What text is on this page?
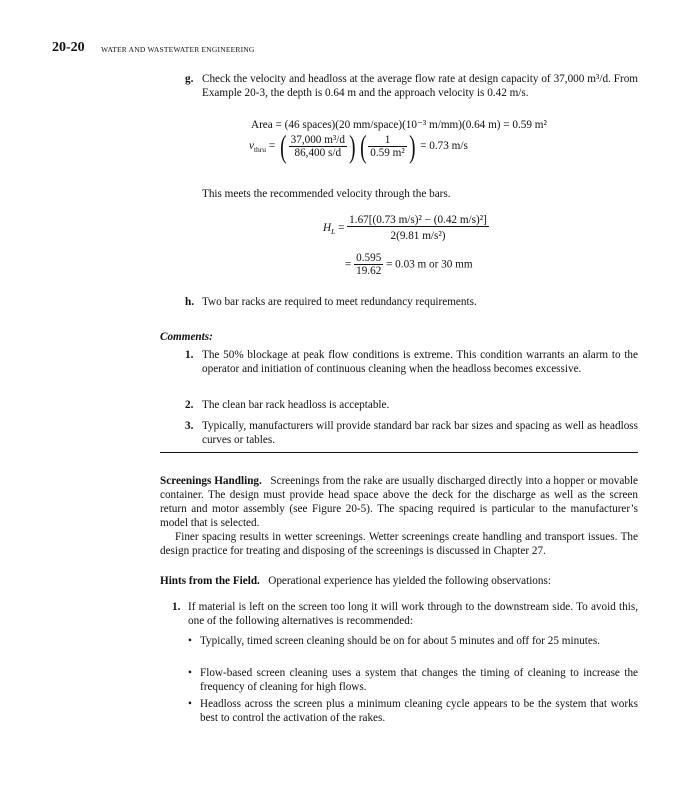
20-20 WATER AND WASTEWATER ENGINEERING
g. Check the velocity and headloss at the average flow rate at design capacity of 37,000 m³/d. From Example 20-3, the depth is 0.64 m and the approach velocity is 0.42 m/s.
Area = (46 spaces)(20 mm/space)(10⁻³ m/mm)(0.64 m) = 0.59 m²
$v_{thru}$ = ( $\frac{\text{37,000 m³/d}}{86,400 s/d}$ ) ( $\frac{1}{\text{0.59 m²}}$ ) = 0.73 m/s
This meets the recommended velocity through the bars.
$H_L = \frac{\text{1.67[(0.73 m/s)² − (0.42 m/s)²]}}{\text{2(9.81 m/s²)}}$
= $\frac{0.595}{19.62} = 0.03$ m or 30 mm
h. Two bar racks are required to meet redundancy requirements.
Comments:
1. The 50% blockage at peak flow conditions is extreme. This condition warrants an alarm to the operator and initiation of continuous cleaning when the headloss becomes excessive.
2. The clean bar rack headloss is acceptable.
3. Typically, manufacturers will provide standard bar rack bar sizes and spacing as well as headloss curves or tables.
Screenings Handling. Screenings from the rake are usually discharged directly into a hopper or movable container. The design must provide head space above the deck for the discharge as well as the screen return and motor assembly (see Figure 20-5). The spacing required is particular to the manufacturer’s model that is selected.
Finer spacing results in wetter screenings. Wetter screenings create handling and transport issues. The design practice for treating and disposing of the screenings is discussed in Chapter 27.
Hints from the Field. Operational experience has yielded the following observations:
1. If material is left on the screen too long it will work through to the downstream side. To avoid this, one of the following alternatives is recommended:
• Typically, timed screen cleaning should be on for about 5 minutes and off for 25 minutes.
• Flow-based screen cleaning uses a system that changes the timing of cleaning to increase the frequency of cleaning for high flows.
• Headloss across the screen plus a minimum cleaning cycle appears to be the system that works best to control the activation of the rakes.
